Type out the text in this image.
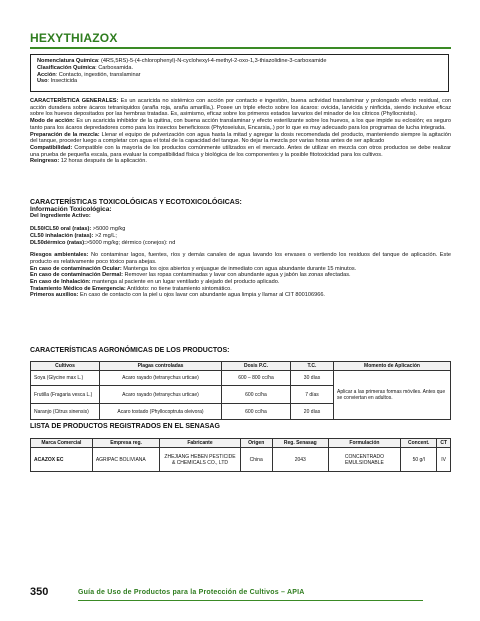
HEXYTHIAZOX
Nomenclatura Química: (4RS,5RS)-5-(4-chlorophenyl)-N-cyclohexyl-4-methyl-2-oxo-1,3-thiazolidine-3-carboxamide
Clasificación Química: Carboxamida.
Acción: Contacto, ingestión, translaminar
Uso: Insecticida
CARACTERÍSTICA GENERALES: Es un acaricida no sistémico con acción por contacto e ingestión, buena actividad translaminar y prolongado efecto residual, con acción duradera sobre ácaros tetraniquidos (araña roja, araña amarilla,). Posee un triple efecto sobre los ácaros: ovicida, larvicida y ninficida, siendo inclusive eficaz sobre los huevos depositados por las hembras tratadas. Es, asimismo, eficaz sobre los primeros estados larvarios del minador de los cítricos (Phyllocnistis).
Modo de acción: Es un acaricida inhibidor de la quitina, con buena acción translaminar y efecto esterilizante sobre los huevos, a los que impide su eclosión; es seguro tanto para los ácaros depredadores como para los insectos beneficiosos (Phytoseiulus, Encarsia,.) por lo que es muy adecuado para los programas de lucha integrada.
Preparación de la mezcla: Llenar el equipo de pulverización con agua hasta la mitad y agregar la dosis recomendada del producto, manteniendo siempre la agitación del tanque, proceder luego a completar con agua el total de la capacidad del tanque. No dejar la mezcla por varias horas antes de ser aplicado
Compatibilidad: Compatible con la mayoría de los productos comúnmente utilizados en el mercado. Antes de utilizar en mezcla con otros productos se debe realizar una prueba de pequeña escala, para evaluar la compatibilidad física y biológica de los componentes y la posible fitotoxicidad para los cultivos.
Reingreso: 12 horas después de la aplicación.
CARACTERÍSTICAS TOXICOLÓGICAS Y ECOTOXICOLÓGICAS:
Información Toxicológica:
Del Ingrediente Activo:
DL50/CL50 oral (ratas): >5000 mg/kg
CL50 inhalación (ratas): >2 mg/L;
DL50dérmico (ratas):>5000 mg/kg; dérmico (conejos): nd
Riesgos ambientales: No contaminar lagos, fuentes, ríos y demás canales de agua lavando los envases o vertiendo los residuos del tanque de aplicación. Este producto es relativamente poco tóxico para abejas.
En caso de contaminación Ocular: Mantenga los ojos abiertos y enjuague de inmediato con agua abundante durante 15 minutos.
En caso de contaminación Dermal: Remover las ropas contaminadas y lavar con abundante agua y jabón las zonas afectadas.
En caso de Inhalación: mantenga al paciente en un lugar ventilado y alejado del producto aplicado.
Tratamiento Médico de Emergencia: Antídoto: no tiene tratamiento sintomático.
Primeros auxilios: En caso de contacto con la piel u ojos lavar con abundante agua limpia y llamar al CIT 800106966.
CARACTERÍSTICAS AGRONÓMICAS DE LOS PRODUCTOS:
Cultivos	Plagas controladas	Dosis P.C.	T.C.	Momento de Aplicación
Soya (Glycine max L.)	Acaro rayado (tetranychus urticae)	600 – 800 cc/ha	30 días	Aplicar a las primeras formas móviles. Antes que se conviertan en adultos.
Frutilla (Fragaria vesca L.)	Acaro rayado (tetranychus urticae)	600 cc/ha	7 días	
Naranjo (Citrus sinensis)	Acaro tostado (Phyllocoptruta oleivora)	600 cc/ha	20 días	
LISTA DE PRODUCTOS REGISTRADOS EN EL SENASAG
Marca Comercial	Empresa reg.	Fabricante	Origen	Reg. Senasag	Formulación	Concent.	CT
ACAZOX EC	AGRIPAC BOLIVIANA	ZHEJIANG HEBEN PESTICIDE & CHEMICALS CO., LTD	China	2043	CONCENTRADO EMULSIONABLE	50 g/l	IV
350	Guía de Uso de Productos para la Protección de Cultivos – APIA
